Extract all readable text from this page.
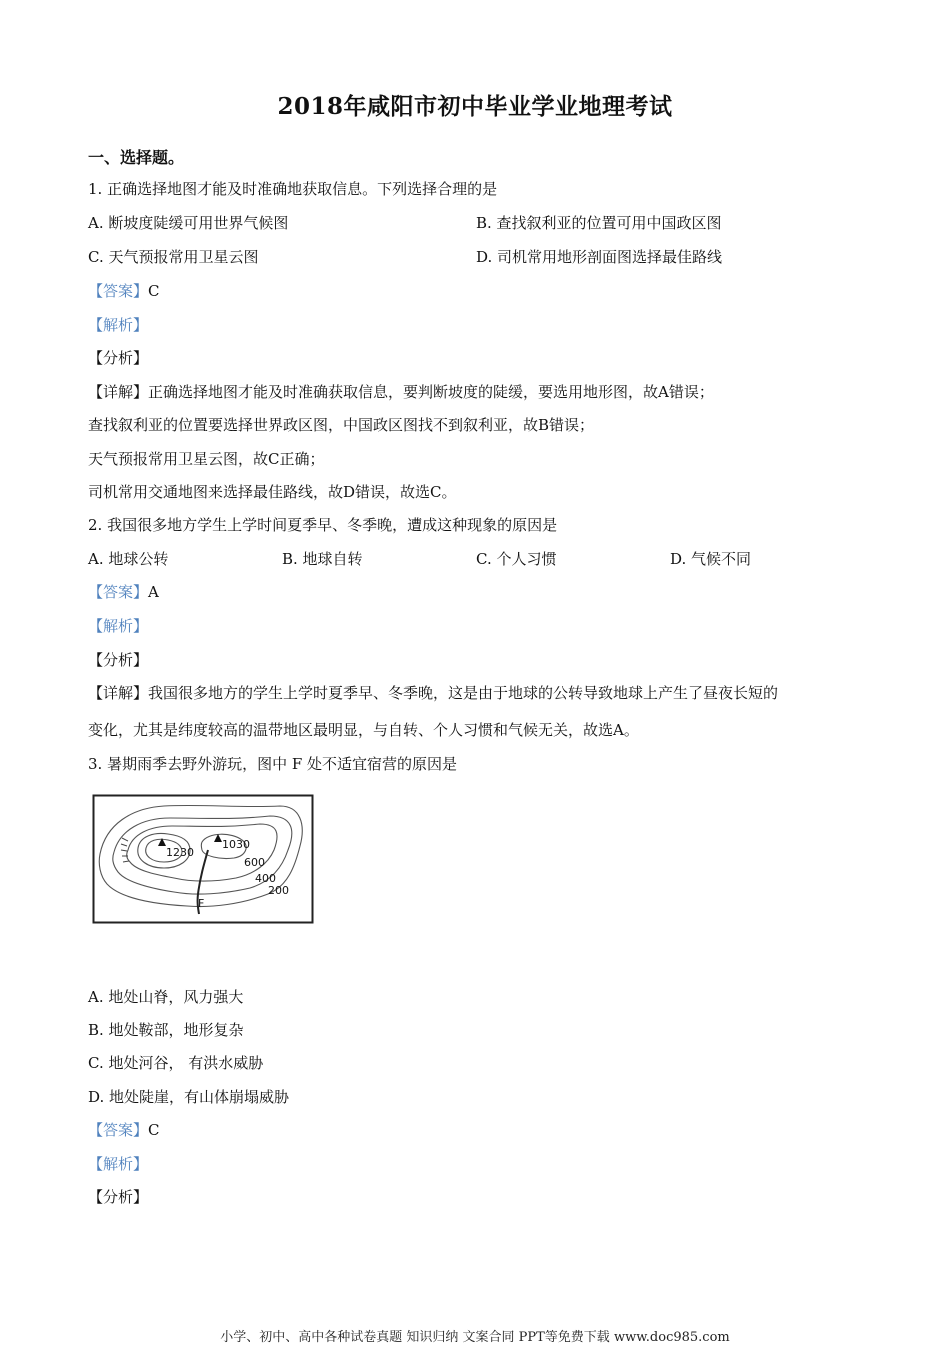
2018年咸阳市初中毕业学业地理考试
一、选择题。
1. 正确选择地图才能及时准确地获取信息。下列选择合理的是
A. 断坡度陡缓可用世界气候图	B. 查找叙利亚的位置可用中国政区图
C. 天气预报常用卫星云图	D. 司机常用地形剖面图选择最佳路线
【答案】C
【解析】
【分析】
【详解】正确选择地图才能及时准确获取信息，要判断坡度的陡缓，要选用地形图，故A错误；
查找叙利亚的位置要选择世界政区图，中国政区图找不到叙利亚，故B错误；
天气预报常用卫星云图，故C正确；
司机常用交通地图来选择最佳路线，故D错误，故选C。
2. 我国很多地方学生上学时间夏季早、冬季晚，遭成这种现象的原因是
A. 地球公转	B. 地球自转	C. 个人习惯	D. 气候不同
【答案】A
【解析】
【分析】
【详解】我国很多地方的学生上学时夏季早、冬季晚，这是由于地球的公转导致地球上产生了昼夜长短的
变化，尤其是纬度较高的温带地区最明显，与自转、个人习惯和气候无关，故选A。
3. 暑期雨季去野外游玩，图中 F 处不适宜宿营的原因是
1230
1030
600
400
200
F
A. 地处山脊，风力强大
B. 地处鞍部，地形复杂
C. 地处河谷， 有洪水威胁
D. 地处陡崖，有山体崩塌威胁
【答案】C
【解析】
【分析】
小学、初中、高中各种试卷真题 知识归纳 文案合同 PPT等免费下载 www.doc985.com
